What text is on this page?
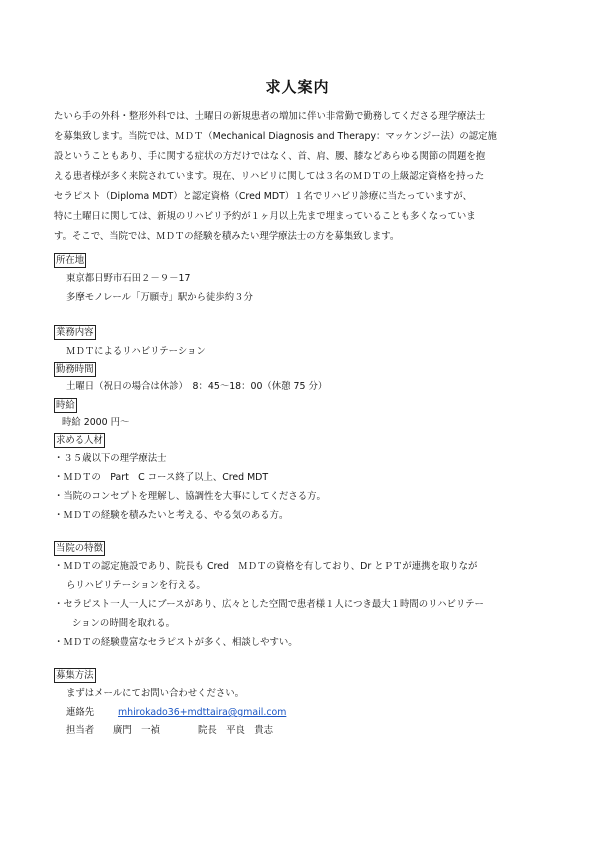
求人案内
たいら手の外科・整形外科では、土曜日の新規患者の増加に伴い非常勤で勤務してくださる理学療法士
を募集致します。当院では、ＭＤＴ（Mechanical Diagnosis and Therapy：マッケンジー法）の認定施
設ということもあり、手に関する症状の方だけではなく、首、肩、腰、膝などあらゆる関節の問題を抱
える患者様が多く来院されています。現在、リハビリに関しては３名のＭＤＴの上級認定資格を持った
セラピスト（Diploma MDT）と認定資格（Cred MDT）１名でリハビリ診療に当たっていますが、
特に土曜日に関しては、新規のリハビリ予約が１ヶ月以上先まで埋まっていることも多くなっていま
す。そこで、当院では、ＭＤＴの経験を積みたい理学療法士の方を募集致します。
所在地
東京都日野市石田２－９－17
多摩モノレール「万願寺」駅から徒歩約３分
業務内容
ＭＤＴによるリハビリテーション
勤務時間
土曜日（祝日の場合は休診）　8：45～18：00（休憩 75 分）
時給
時給 2000 円～
求める人材
・３５歳以下の理学療法士
・ＭＤＴの　Part　C コース終了以上、Cred MDT
・当院のコンセプトを理解し、協調性を大事にしてくださる方。
・ＭＤＴの経験を積みたいと考える、やる気のある方。
当院の特徴
・ＭＤＴの認定施設であり、院長も Cred　ＭＤＴの資格を有しており、Dr とＰＴが連携を取りなが
らリハビリテーションを行える。
・セラピスト一人一人にブースがあり、広々とした空間で患者様１人につき最大１時間のリハビリテー
ションの時間を取れる。
・ＭＤＴの経験豊富なセラピストが多く、相談しやすい。
募集方法
まずはメールにてお問い合わせください。
連絡先	mhirokado36+mdttaira@gmail.com
担当者 廣門　一禎	院長　平良　貴志
